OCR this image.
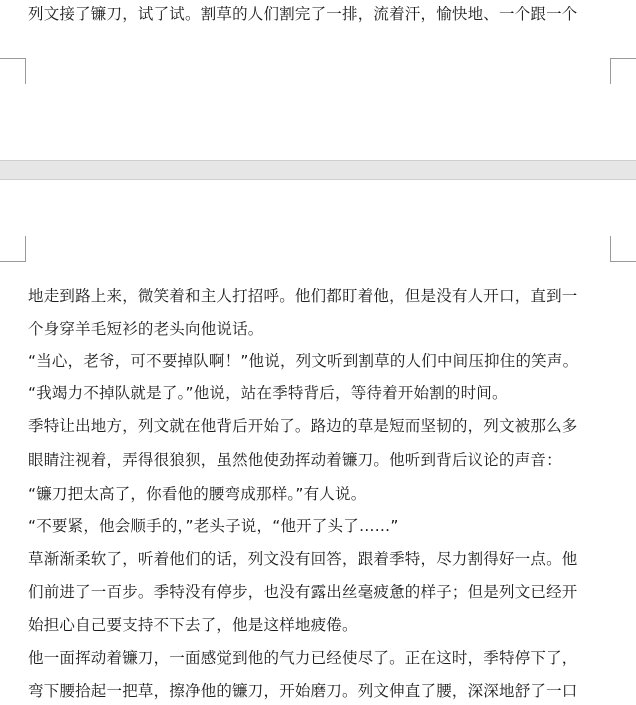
列文接了镰刀，试了试。割草的人们割完了一排，流着汗，愉快地、一个跟一个
地走到路上来，微笑着和主人打招呼。他们都盯着他，但是没有人开口，直到一
个身穿羊毛短衫的老头向他说话。
“当心，老爷，可不要掉队啊！”他说，列文听到割草的人们中间压抑住的笑声。
“我竭力不掉队就是了。”他说，站在季特背后，等待着开始割的时间。
季特让出地方，列文就在他背后开始了。路边的草是短而坚韧的，列文被那么多
眼睛注视着，弄得很狼狈，虽然他使劲挥动着镰刀。他听到背后议论的声音：
“镰刀把太高了，你看他的腰弯成那样。”有人说。
“不要紧，他会顺手的，”老头子说，“他开了头了……”
草渐渐柔软了，听着他们的话，列文没有回答，跟着季特，尽力割得好一点。他
们前进了一百步。季特没有停步，也没有露出丝毫疲惫的样子；但是列文已经开
始担心自己要支持不下去了，他是这样地疲倦。
他一面挥动着镰刀，一面感觉到他的气力已经使尽了。正在这时，季特停下了，
弯下腰拾起一把草，擦净他的镰刀，开始磨刀。列文伸直了腰，深深地舒了一口
